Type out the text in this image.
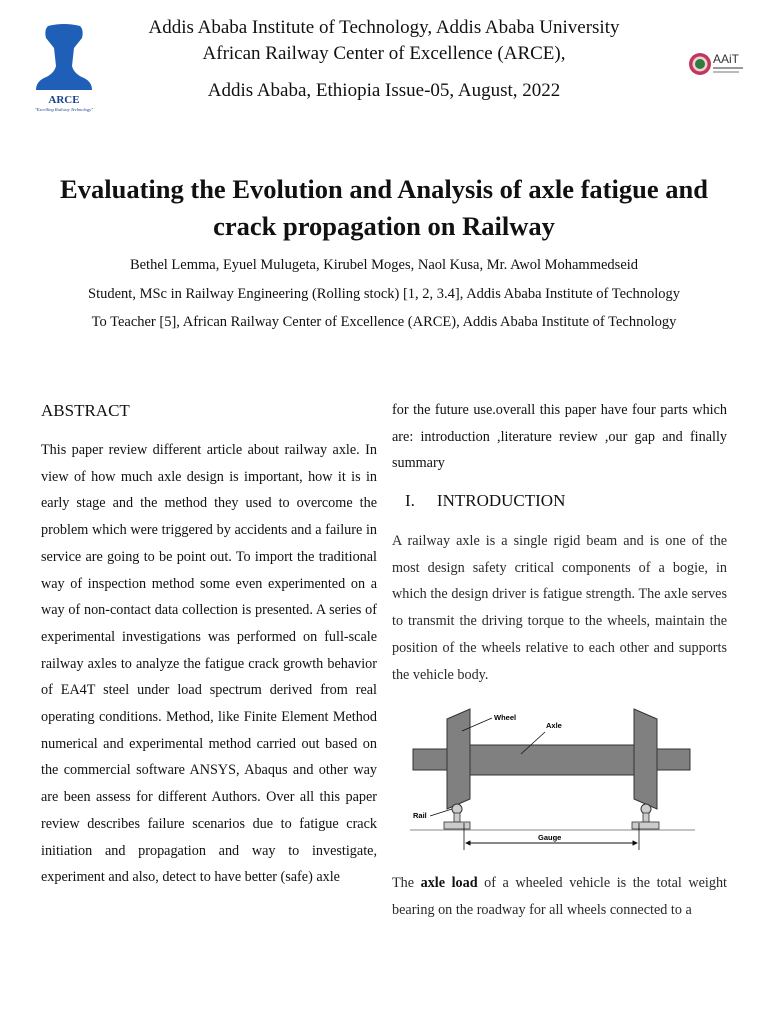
ARCE
"Excelling Railway Technology"
AAiT
Addis Ababa Institute of Technology, Addis Ababa University
African Railway Center of Excellence (ARCE),
Addis Ababa, Ethiopia Issue-05, August, 2022
Evaluating the Evolution and Analysis of axle fatigue and crack propagation on Railway
Bethel Lemma, Eyuel Mulugeta, Kirubel Moges, Naol Kusa, Mr. Awol Mohammedseid
Student, MSc in Railway Engineering (Rolling stock) [1, 2, 3.4], Addis Ababa Institute of Technology
To Teacher [5], African Railway Center of Excellence (ARCE), Addis Ababa Institute of Technology
ABSTRACT

This paper review different article about railway axle. In view of how much axle design is important, how it is in early stage and the method they used to overcome the problem which were triggered by accidents and a failure in service are going to be point out. To import the traditional way of inspection method some even experimented on a way of non-contact data collection is presented. A series of experimental investigations was performed on full-scale railway axles to analyze the fatigue crack growth behavior of EA4T steel under load spectrum derived from real operating conditions. Method, like Finite Element Method numerical and experimental method carried out based on the commercial software ANSYS, Abaqus and other way are been assess for different Authors. Over all this paper review describes failure scenarios due to fatigue crack initiation and propagation and way to investigate, experiment and also, detect to have better (safe) axle

for the future use.overall this paper have four parts which are: introduction ,literature review ,our gap and finally summary

I. INTRODUCTION

A railway axle is a single rigid beam and is one of the most design safety critical components of a bogie, in which the design driver is fatigue strength. The axle serves to transmit the driving torque to the wheels, maintain the position of the wheels relative to each other and supports the vehicle body.

Wheel
Axle
Rail
Gauge

The axle load of a wheeled vehicle is the total weight bearing on the roadway for all wheels connected to a
